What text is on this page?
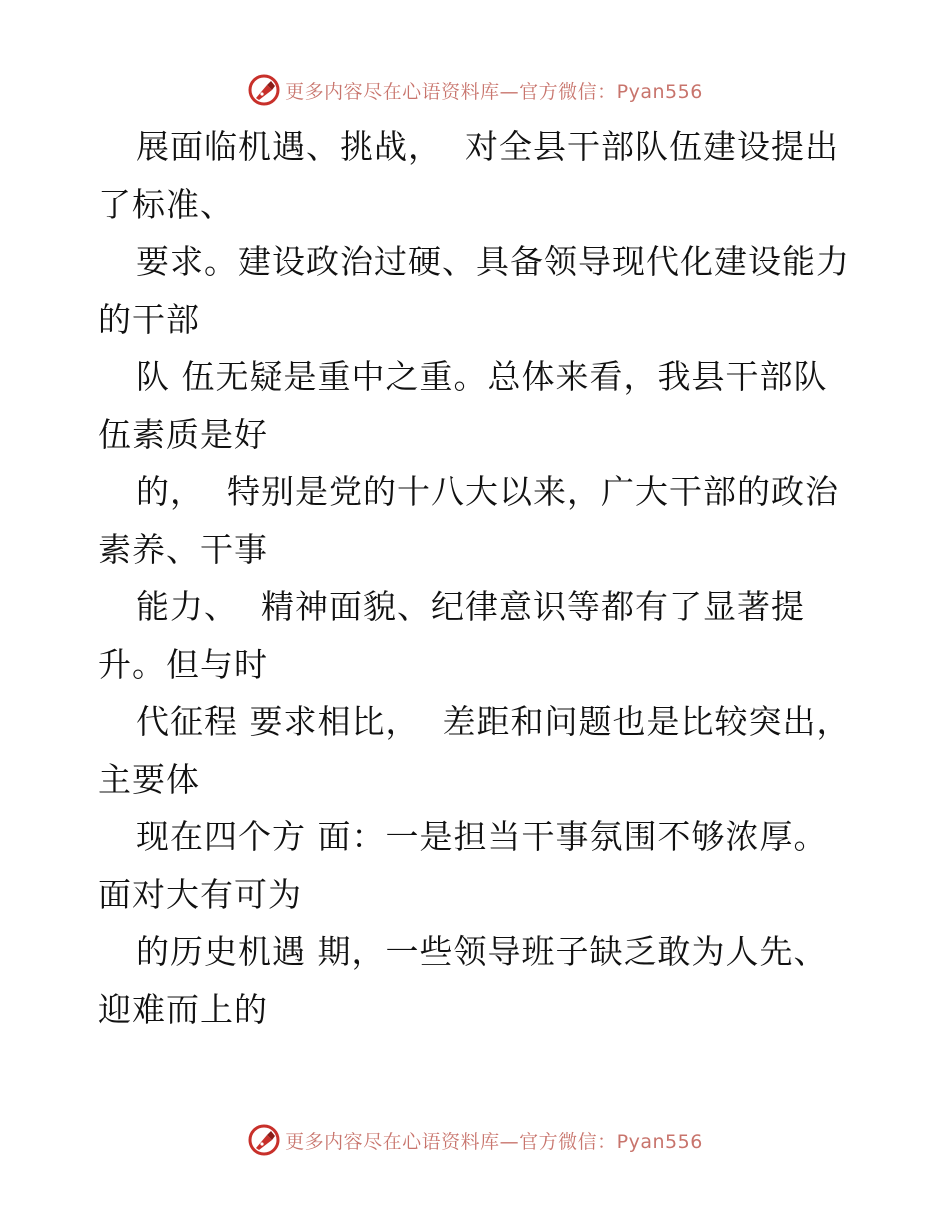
更多内容尽在心语资料库—官方微信：Pyan556
展面临机遇、挑战，  对全县干部队伍建设提出
了标准、
要求。建设政治过硬、具备领导现代化建设能力
的干部
队 伍无疑是重中之重。总体来看，我县干部队
伍素质是好
的，  特别是党的十八大以来，广大干部的政治
素养、干事
能力、  精神面貌、纪律意识等都有了显著提
升。但与时
代征程 要求相比，  差距和问题也是比较突出，
主要体
现在四个方 面：一是担当干事氛围不够浓厚。
面对大有可为
的历史机遇 期，一些领导班子缺乏敢为人先、
迎难而上的
更多内容尽在心语资料库—官方微信：Pyan556
